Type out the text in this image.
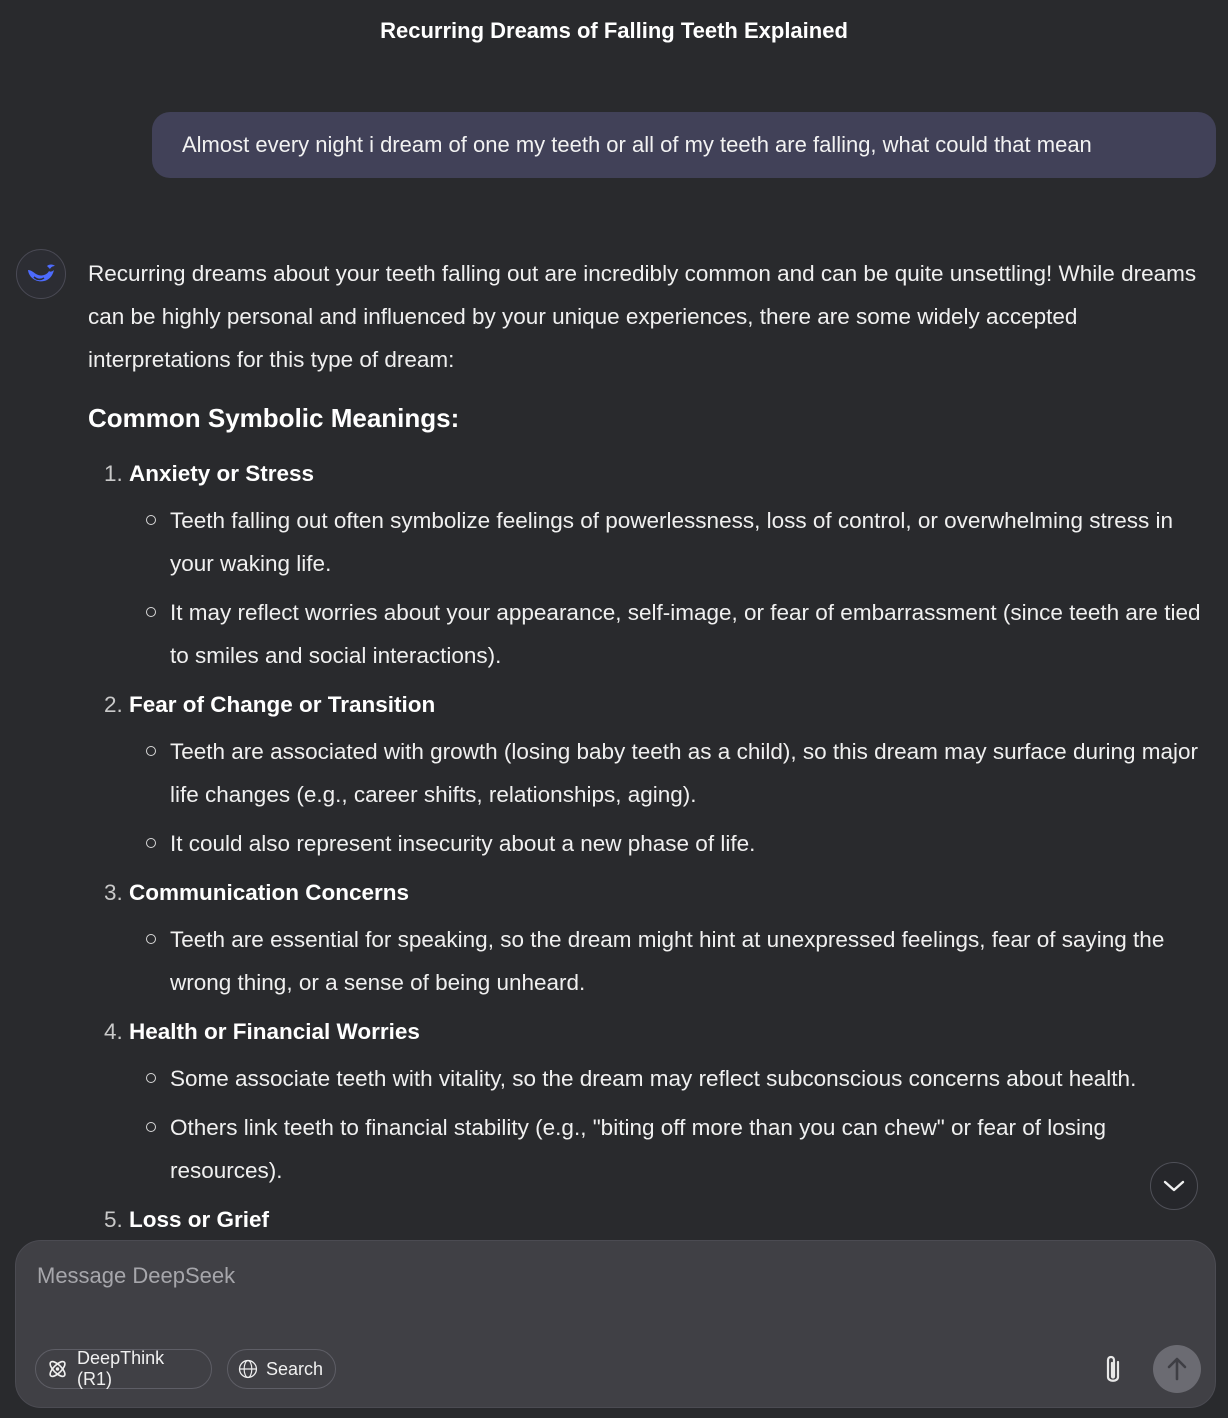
Recurring Dreams of Falling Teeth Explained
Almost every night i dream of one my teeth or all of my teeth are falling, what could that mean

Recurring dreams about your teeth falling out are incredibly common and can be quite unsettling! While dreams can be highly personal and influenced by your unique experiences, there are some widely accepted interpretations for this type of dream:

Common Symbolic Meanings:
1. Anxiety or Stress
Teeth falling out often symbolize feelings of powerlessness, loss of control, or overwhelming stress in your waking life.
It may reflect worries about your appearance, self-image, or fear of embarrassment (since teeth are tied to smiles and social interactions).
2. Fear of Change or Transition
Teeth are associated with growth (losing baby teeth as a child), so this dream may surface during major life changes (e.g., career shifts, relationships, aging).
It could also represent insecurity about a new phase of life.
3. Communication Concerns
Teeth are essential for speaking, so the dream might hint at unexpressed feelings, fear of saying the wrong thing, or a sense of being unheard.
4. Health or Financial Worries
Some associate teeth with vitality, so the dream may reflect subconscious concerns about health.
Others link teeth to financial stability (e.g., "biting off more than you can chew" or fear of losing resources).
5. Loss or Grief
Message DeepSeek
DeepThink (R1)
Search
